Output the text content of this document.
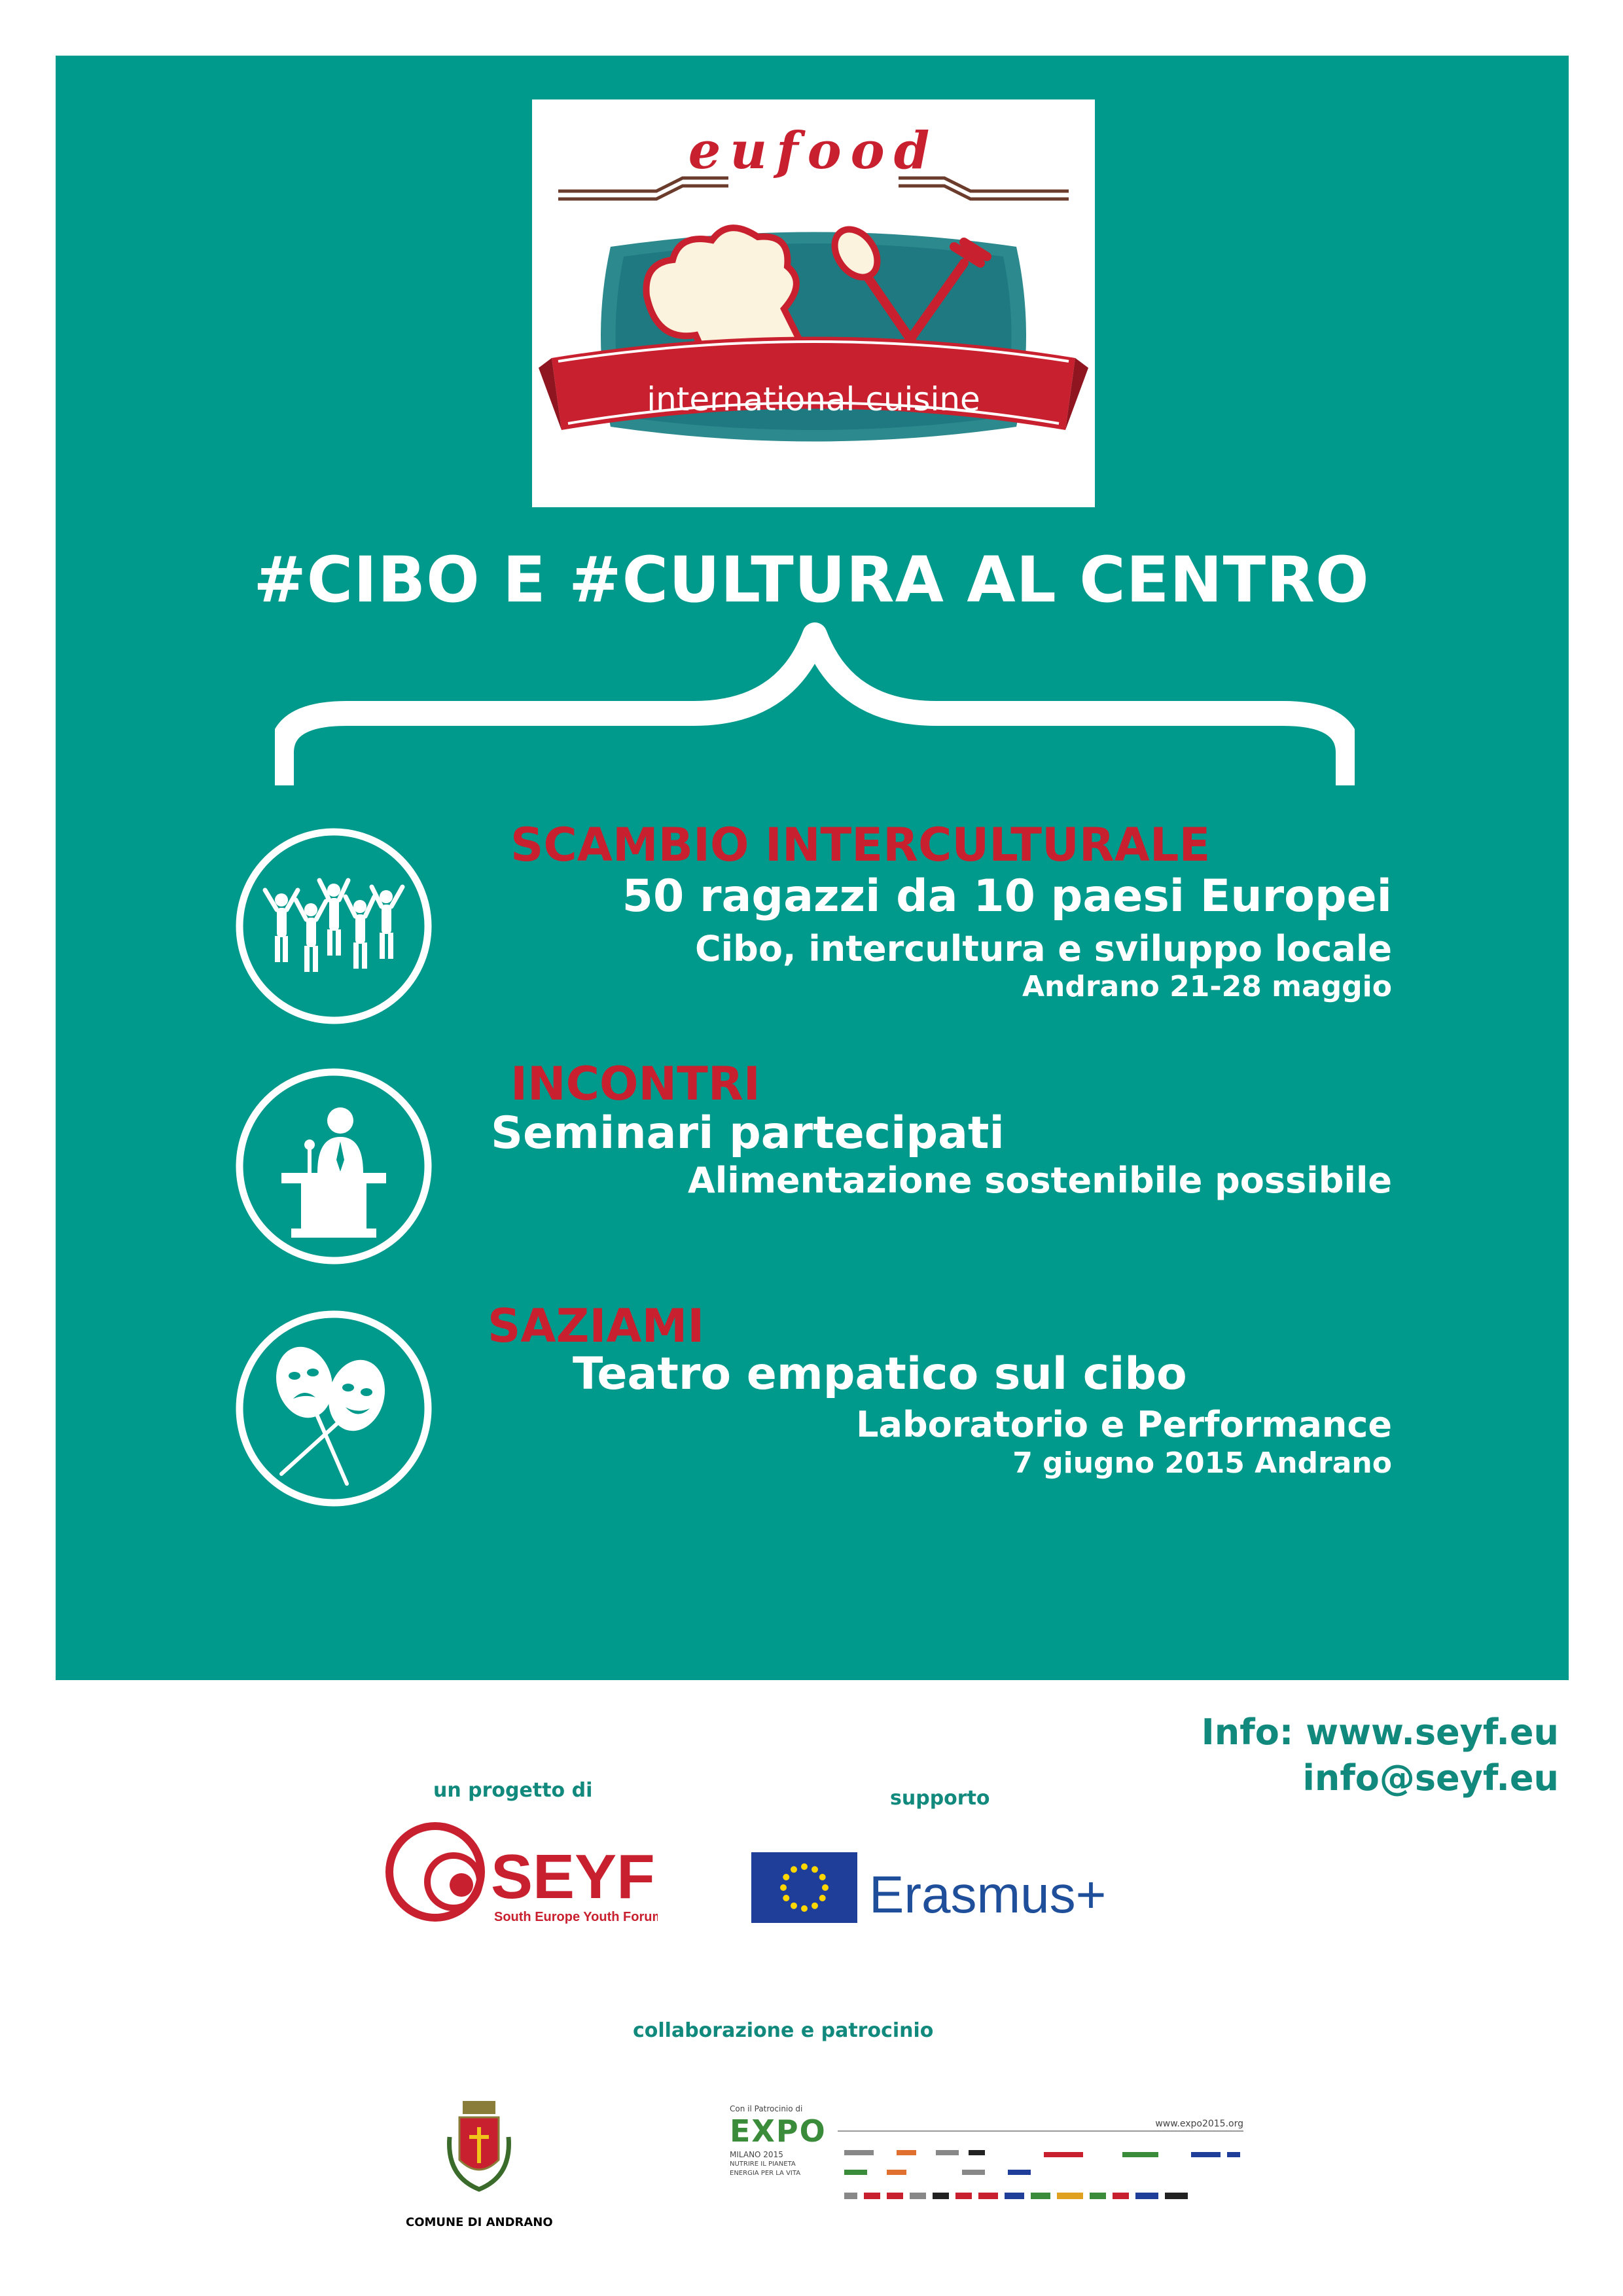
eufood
international cuisine
#CIBO E #CULTURA AL CENTRO
SCAMBIO INTERCULTURALE
50 ragazzi da 10 paesi Europei
Cibo, intercultura e sviluppo locale
Andrano 21-28 maggio
INCONTRI
Seminari partecipati
Alimentazione sostenibile possibile
SAZIAMI
Teatro empatico sul cibo
Laboratorio e Performance
7 giugno 2015 Andrano
Info: www.seyf.eu
info@seyf.eu
un progetto di	supporto
SEYF
South Europe Youth Forum	Erasmus+
collaborazione e patrocinio
COMUNE DI ANDRANO
Con il Patrocinio di
EXPO
MILANO 2015
NUTRIRE IL PIANETA
ENERGIA PER LA VITA
www.expo2015.org
